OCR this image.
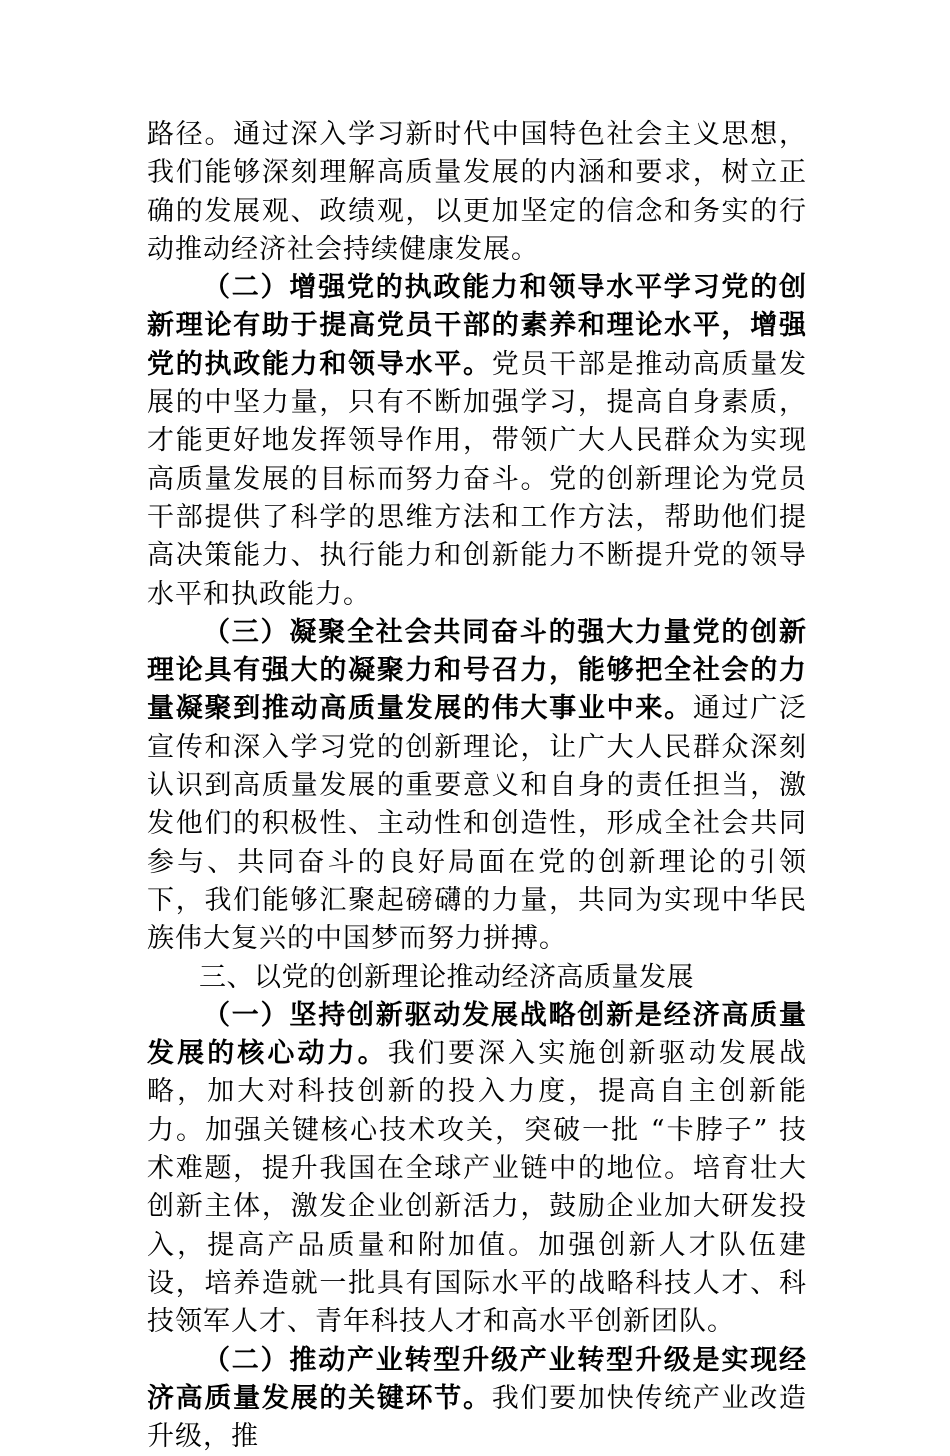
路径。通过深入学习新时代中国特色社会主义思想，我们能够深刻理解高质量发展的内涵和要求，树立正确的发展观、政绩观，以更加坚定的信念和务实的行动推动经济社会持续健康发展。

（二）增强党的执政能力和领导水平学习党的创新理论有助于提高党员干部的素养和理论水平，增强党的执政能力和领导水平。党员干部是推动高质量发展的中坚力量，只有不断加强学习，提高自身素质，才能更好地发挥领导作用，带领广大人民群众为实现高质量发展的目标而努力奋斗。党的创新理论为党员干部提供了科学的思维方法和工作方法，帮助他们提高决策能力、执行能力和创新能力不断提升党的领导水平和执政能力。

（三）凝聚全社会共同奋斗的强大力量党的创新理论具有强大的凝聚力和号召力，能够把全社会的力量凝聚到推动高质量发展的伟大事业中来。通过广泛宣传和深入学习党的创新理论，让广大人民群众深刻认识到高质量发展的重要意义和自身的责任担当，激发他们的积极性、主动性和创造性，形成全社会共同参与、共同奋斗的良好局面在党的创新理论的引领下，我们能够汇聚起磅礴的力量，共同为实现中华民族伟大复兴的中国梦而努力拼搏。

三、以党的创新理论推动经济高质量发展

（一）坚持创新驱动发展战略创新是经济高质量发展的核心动力。我们要深入实施创新驱动发展战略，加大对科技创新的投入力度，提高自主创新能力。加强关键核心技术攻关，突破一批 “卡脖子” 技术难题，提升我国在全球产业链中的地位。培育壮大创新主体，激发企业创新活力，鼓励企业加大研发投入，提高产品质量和附加值。加强创新人才队伍建设，培养造就一批具有国际水平的战略科技人才、科技领军人才、青年科技人才和高水平创新团队。

（二）推动产业转型升级产业转型升级是实现经济高质量发展的关键环节。我们要加快传统产业改造升级，推
